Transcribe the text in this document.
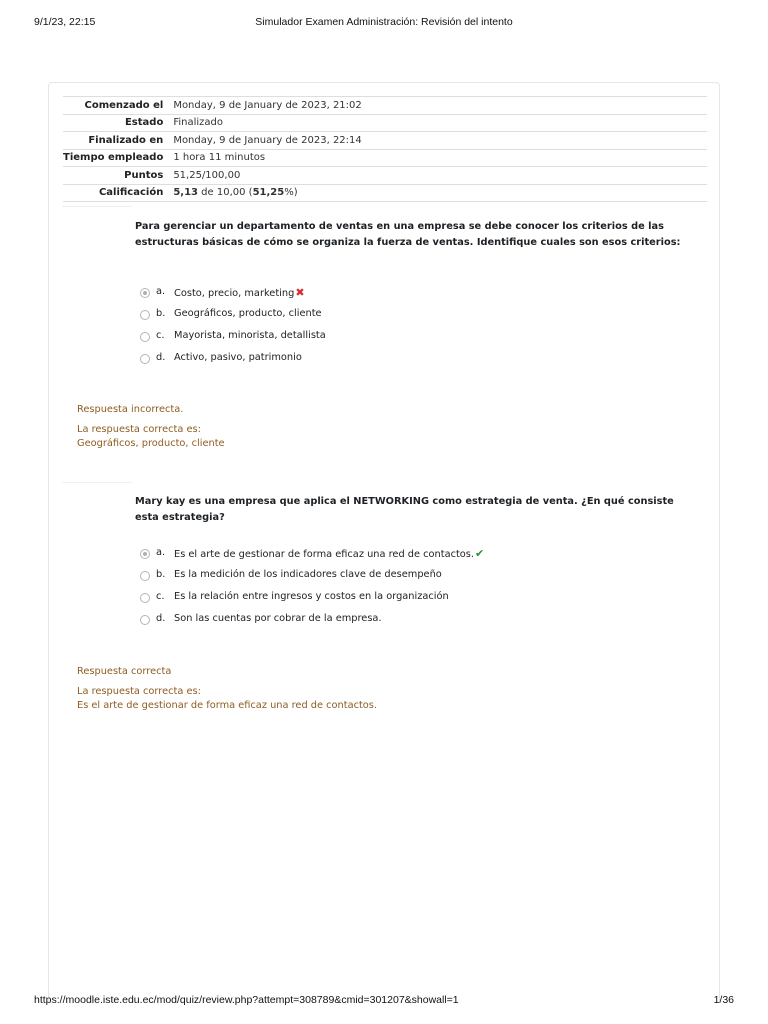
9/1/23, 22:15	Simulador Examen Administración: Revisión del intento
Comenzado el	Monday, 9 de January de 2023, 21:02
Estado	Finalizado
Finalizado en	Monday, 9 de January de 2023, 22:14
Tiempo empleado	1 hora 11 minutos
Puntos	51,25/100,00
Calificación	5,13 de 10,00 (51,25%)
Para gerenciar un departamento de ventas en una empresa se debe conocer los criterios de las estructuras básicas de cómo se organiza la fuerza de ventas. Identifique cuales son esos criterios:
a. Costo, precio, marketing✖
b. Geográficos, producto, cliente
c. Mayorista, minorista, detallista
d. Activo, pasivo, patrimonio
Respuesta incorrecta.
La respuesta correcta es:
Geográficos, producto, cliente
Mary kay es una empresa que aplica el NETWORKING como estrategia de venta. ¿En qué consiste esta estrategia?
a. Es el arte de gestionar de forma eficaz una red de contactos.✔
b. Es la medición de los indicadores clave de desempeño
c. Es la relación entre ingresos y costos en la organización
d. Son las cuentas por cobrar de la empresa.
Respuesta correcta
La respuesta correcta es:
Es el arte de gestionar de forma eficaz una red de contactos.
https://moodle.iste.edu.ec/mod/quiz/review.php?attempt=308789&cmid=301207&showall=1	1/36
